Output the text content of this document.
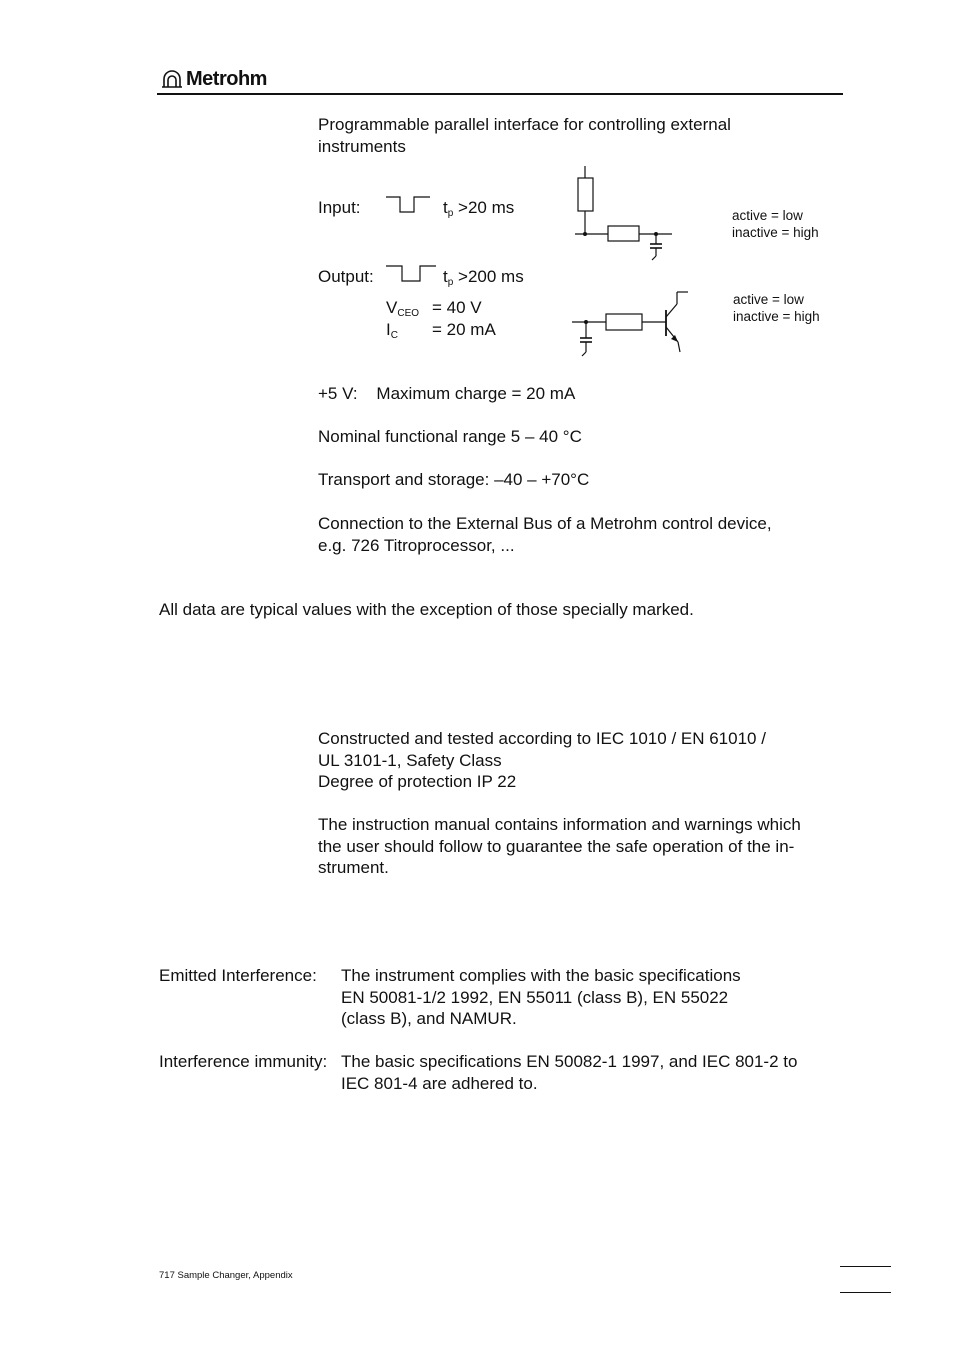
Metrohm
Programmable parallel interface for controlling external
instruments
Input:	$t_p >20$ ms	active = low
inactive = high
Output:	$t_p >200$ ms
$V_{CEO} = 40$ V
$I_C = 20$ mA
active = low
inactive = high
+5 V:    Maximum charge = 20 mA
Nominal functional range 5 – 40 °C
Transport and storage: –40 – +70°C
Connection to the External Bus of a Metrohm control device,
e.g. 726 Titroprocessor, ...
All data are typical values with the exception of those specially marked.
Constructed and tested according to IEC 1010 / EN 61010 /
UL 3101-1, Safety Class
Degree of protection IP 22
The instruction manual contains information and warnings which
the user should follow to guarantee the safe operation of the in-
strument.
Emitted Interference: The instrument complies with the basic specifications
EN 50081-1/2 1992, EN 55011 (class B), EN 55022
(class B), and NAMUR.
Interference immunity: The basic specifications EN 50082-1 1997, and IEC 801-2 to
IEC 801-4 are adhered to.
717 Sample Changer, Appendix
